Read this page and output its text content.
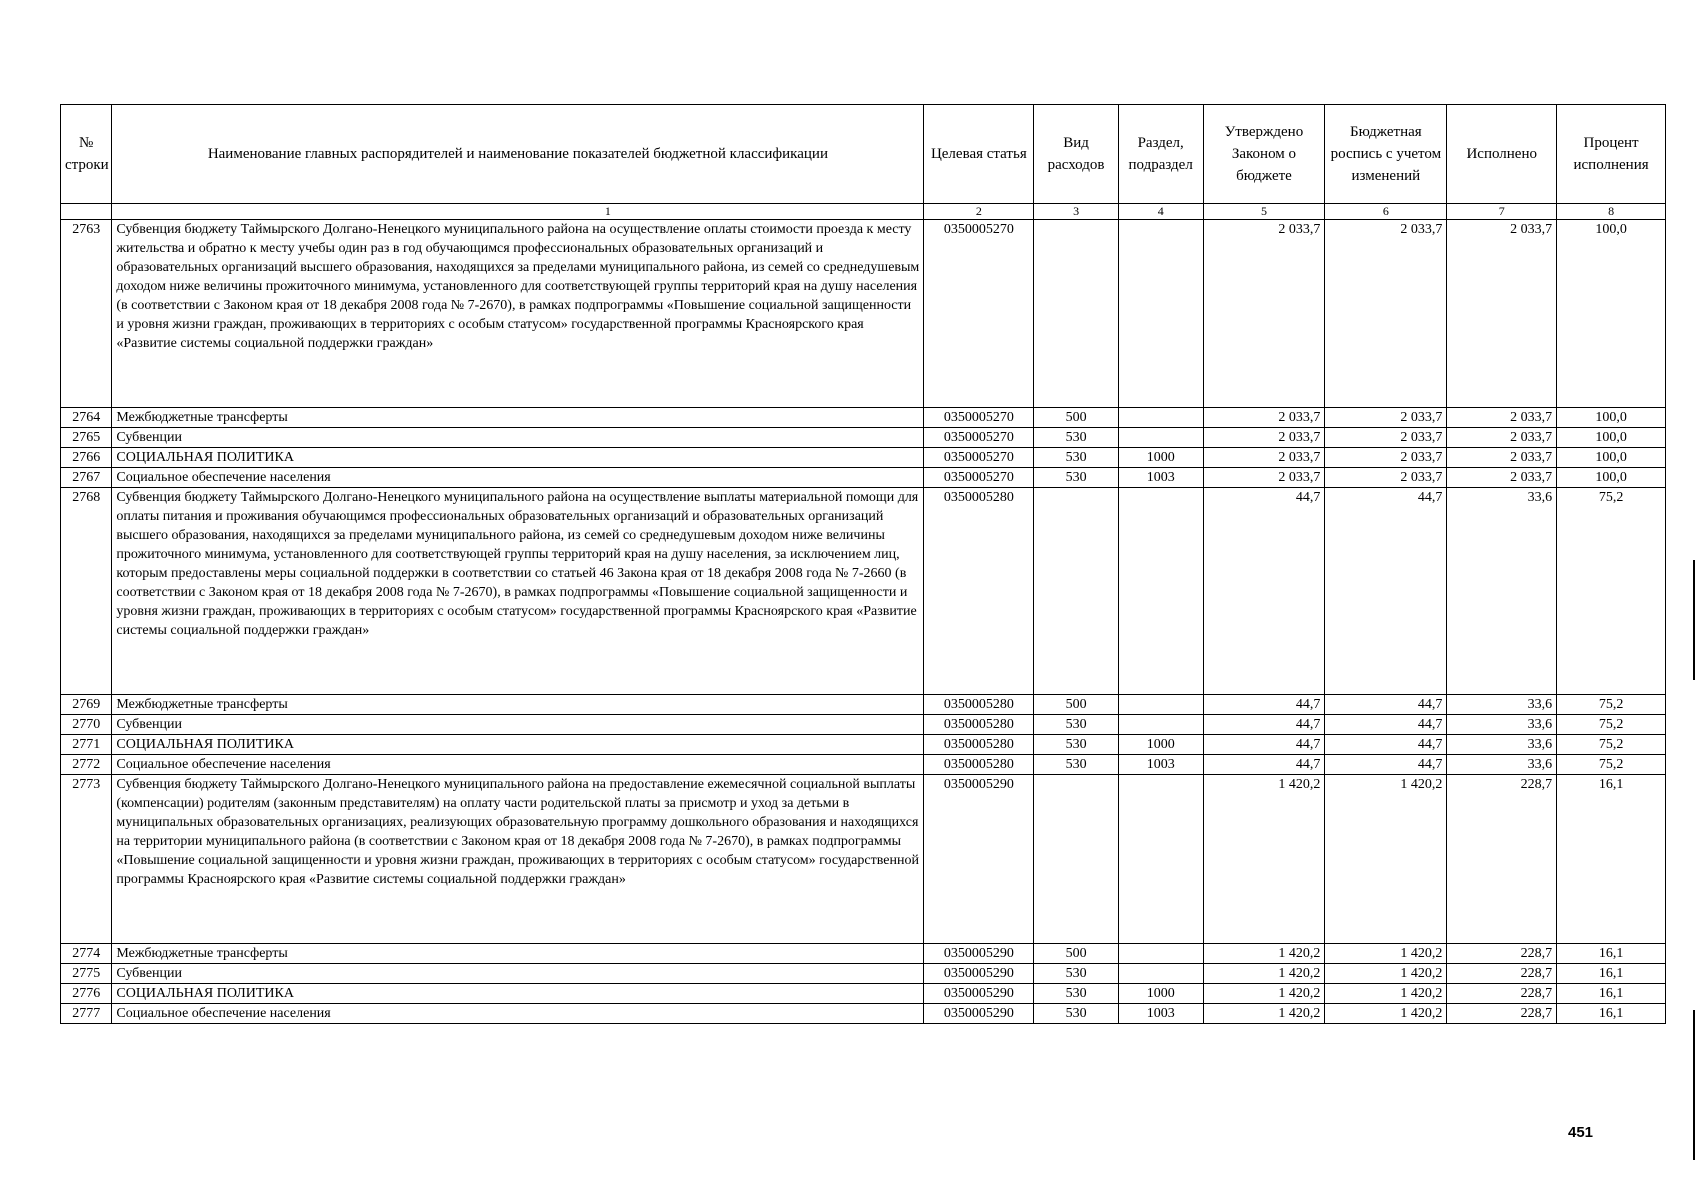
№ строки	Наименование главных распорядителей и наименование показателей бюджетной классификации	Целевая статья	Вид расходов	Раздел, подраздел	Утверждено Законом о бюджете	Бюджетная роспись с учетом изменений	Исполнено	Процент исполнения
	1	2	3	4	5	6	7	8
2763	Субвенция бюджету Таймырского Долгано-Ненецкого муниципального района на осуществление оплаты стоимости проезда к месту жительства и обратно к месту учебы один раз в год обучающимся профессиональных образовательных организаций и образовательных организаций высшего образования, находящихся за пределами муниципального района, из семей со среднедушевым доходом ниже величины прожиточного минимума, установленного для соответствующей группы территорий края на душу населения (в соответствии с Законом края от 18 декабря 2008 года № 7-2670), в рамках подпрограммы «Повышение социальной защищенности и уровня жизни граждан, проживающих в территориях с особым статусом» государственной программы Красноярского края «Развитие системы социальной поддержки граждан»	0350005270			2 033,7	2 033,7	2 033,7	100,0
2764	Межбюджетные трансферты	0350005270	500		2 033,7	2 033,7	2 033,7	100,0
2765	Субвенции	0350005270	530		2 033,7	2 033,7	2 033,7	100,0
2766	СОЦИАЛЬНАЯ ПОЛИТИКА	0350005270	530	1000	2 033,7	2 033,7	2 033,7	100,0
2767	Социальное обеспечение населения	0350005270	530	1003	2 033,7	2 033,7	2 033,7	100,0
2768	Субвенция бюджету Таймырского Долгано-Ненецкого муниципального района на осуществление выплаты материальной помощи для оплаты питания и проживания обучающимся профессиональных образовательных организаций и образовательных организаций высшего образования, находящихся за пределами муниципального района, из семей со среднедушевым доходом ниже величины прожиточного минимума, установленного для соответствующей группы территорий края на душу населения, за исключением лиц, которым предоставлены меры социальной поддержки в соответствии со статьей 46 Закона края от 18 декабря 2008 года № 7-2660 (в соответствии с Законом края от 18 декабря 2008 года № 7-2670), в рамках подпрограммы «Повышение социальной защищенности и уровня жизни граждан, проживающих в территориях с особым статусом» государственной программы Красноярского края «Развитие системы социальной поддержки граждан»	0350005280			44,7	44,7	33,6	75,2
2769	Межбюджетные трансферты	0350005280	500		44,7	44,7	33,6	75,2
2770	Субвенции	0350005280	530		44,7	44,7	33,6	75,2
2771	СОЦИАЛЬНАЯ ПОЛИТИКА	0350005280	530	1000	44,7	44,7	33,6	75,2
2772	Социальное обеспечение населения	0350005280	530	1003	44,7	44,7	33,6	75,2
2773	Субвенция бюджету Таймырского Долгано-Ненецкого муниципального района на предоставление ежемесячной социальной выплаты (компенсации) родителям (законным представителям) на оплату части родительской платы за присмотр и уход за детьми в муниципальных образовательных организациях, реализующих образовательную программу дошкольного образования и находящихся на территории муниципального района (в соответствии с Законом края от 18 декабря 2008 года № 7-2670), в рамках подпрограммы «Повышение социальной защищенности и уровня жизни граждан, проживающих в территориях с особым статусом» государственной программы Красноярского края «Развитие системы социальной поддержки граждан»	0350005290			1 420,2	1 420,2	228,7	16,1
2774	Межбюджетные трансферты	0350005290	500		1 420,2	1 420,2	228,7	16,1
2775	Субвенции	0350005290	530		1 420,2	1 420,2	228,7	16,1
2776	СОЦИАЛЬНАЯ ПОЛИТИКА	0350005290	530	1000	1 420,2	1 420,2	228,7	16,1
2777	Социальное обеспечение населения	0350005290	530	1003	1 420,2	1 420,2	228,7	16,1
451
